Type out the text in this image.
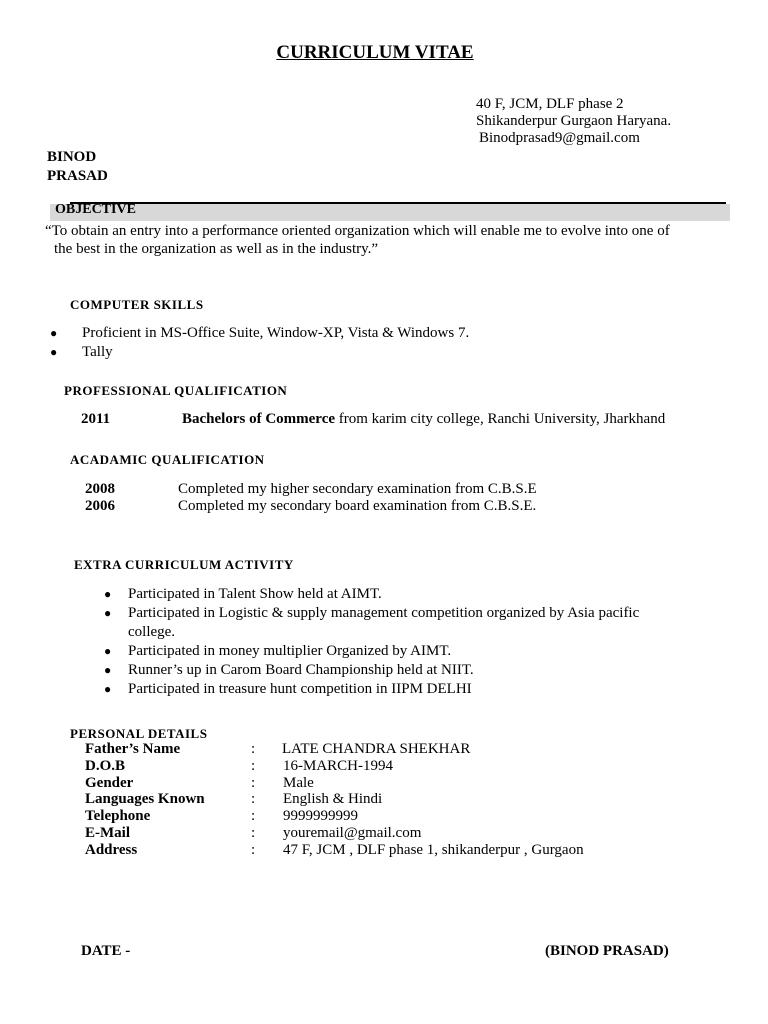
CURRICULUM VITAE
40 F, JCM, DLF phase 2
Shikanderpur Gurgaon Haryana.
Binodprasad9@gmail.com
BINOD
PRASAD
OBJECTIVE
“To obtain an entry into a performance oriented organization which will enable me to evolve into one of
the best in the organization as well as in the industry.”
COMPUTER SKILLS
● Proficient in MS-Office Suite, Window-XP, Vista & Windows 7.
● Tally
PROFESSIONAL QUALIFICATION
2011	Bachelors of Commerce from karim city college, Ranchi University, Jharkhand
ACADAMIC QUALIFICATION
2008	Completed my higher secondary examination from C.B.S.E
2006	Completed my secondary board examination from C.B.S.E.
EXTRA CURRICULUM ACTIVITY
● Participated in Talent Show held at AIMT.
● Participated in Logistic & supply management competition organized by Asia pacific
college.
● Participated in money multiplier Organized by AIMT.
● Runner’s up in Carom Board Championship held at NIIT.
● Participated in treasure hunt competition in IIPM DELHI
PERSONAL DETAILS
Father’s Name	: LATE CHANDRA SHEKHAR
D.O.B	: 16-MARCH-1994
Gender	: Male
Languages Known	: English & Hindi
Telephone	: 9999999999
E-Mail	: youremail@gmail.com
Address	: 47 F, JCM , DLF phase 1, shikanderpur , Gurgaon
DATE -	(BINOD PRASAD)
